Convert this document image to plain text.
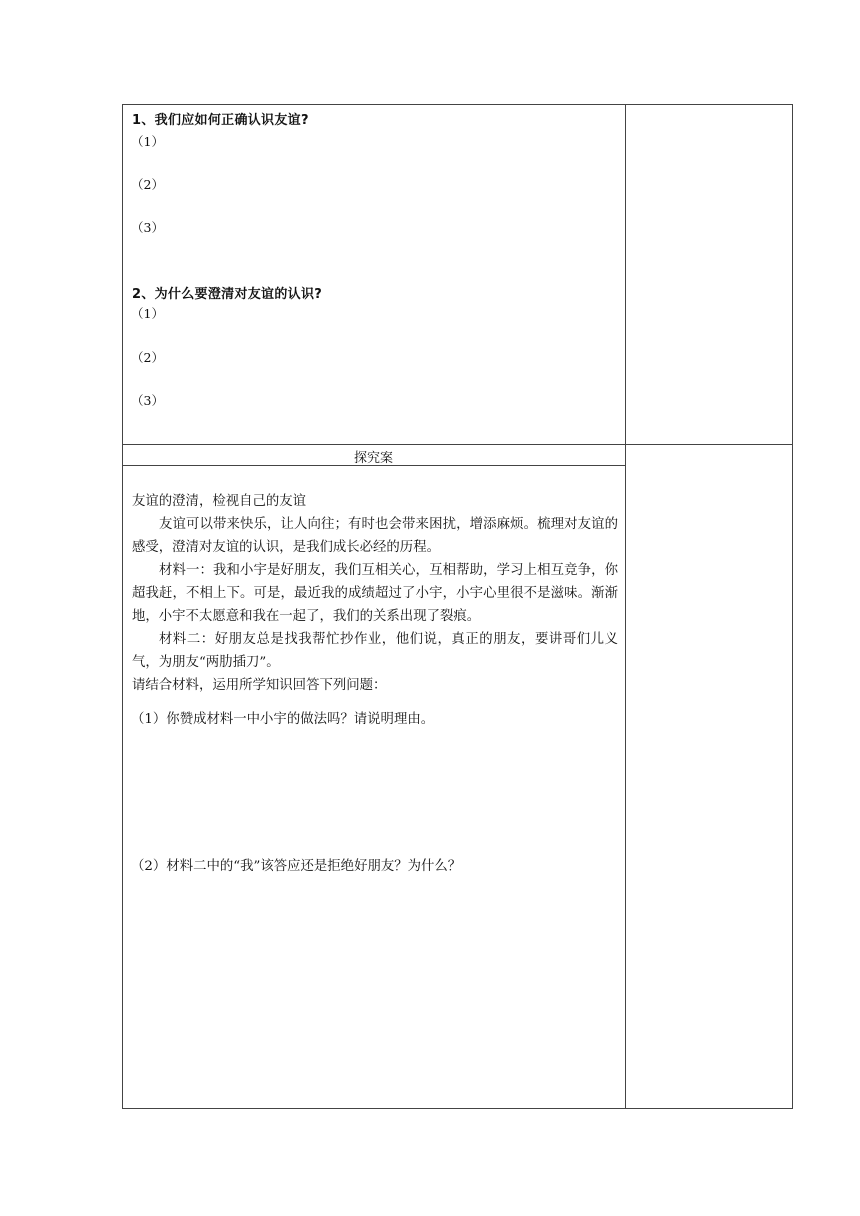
1、我们应如何正确认识友谊?
（1）
（2）
（3）
2、为什么要澄清对友谊的认识?
（1）
（2）
（3）
探究案

友谊的澄清，检视自己的友谊

友谊可以带来快乐，让人向往；有时也会带来困扰，增添麻烦。梳理对友谊的感受，澄清对友谊的认识，是我们成长必经的历程。

材料一：我和小宇是好朋友，我们互相关心，互相帮助，学习上相互竞争，你超我赶，不相上下。可是，最近我的成绩超过了小宇，小宇心里很不是滋味。渐渐地，小宇不太愿意和我在一起了，我们的关系出现了裂痕。

材料二：好朋友总是找我帮忙抄作业，他们说，真正的朋友，要讲哥们儿义气，为朋友“两肋插刀”。

请结合材料，运用所学知识回答下列问题：

（1）你赞成材料一中小宇的做法吗？请说明理由。
（2）材料二中的“我”该答应还是拒绝好朋友？为什么？
